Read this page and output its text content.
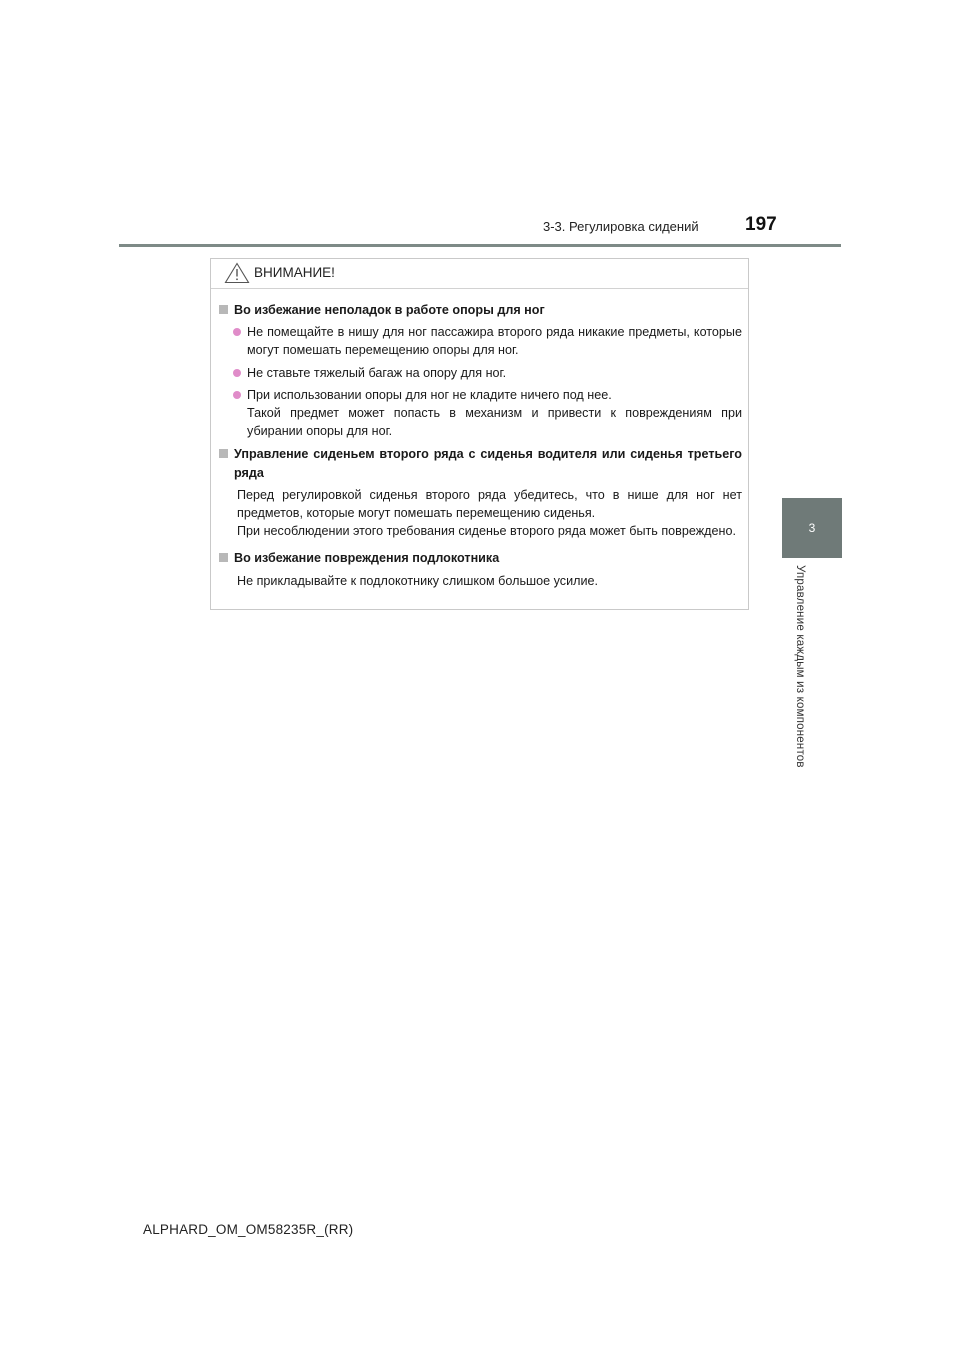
3-3. Регулировка сидений 197
3
Управление каждым из компонентов
ВНИМАНИЕ!
Во избежание неполадок в работе опоры для ног
Не помещайте в нишу для ног пассажира второго ряда никакие предметы, которые могут помешать перемещению опоры для ног.
Не ставьте тяжелый багаж на опору для ног.
При использовании опоры для ног не кладите ничего под нее.
Такой предмет может попасть в механизм и привести к повреждениям при убирании опоры для ног.
Управление сиденьем второго ряда с сиденья водителя или сиденья третьего ряда

Перед регулировкой сиденья второго ряда убедитесь, что в нише для ног нет предметов, которые могут помешать перемещению сиденья.

При несоблюдении этого требования сиденье второго ряда может быть повреждено.

Во избежание повреждения подлокотника

Не прикладывайте к подлокотнику слишком большое усилие.

ALPHARD_OM_OM58235R_(RR)
